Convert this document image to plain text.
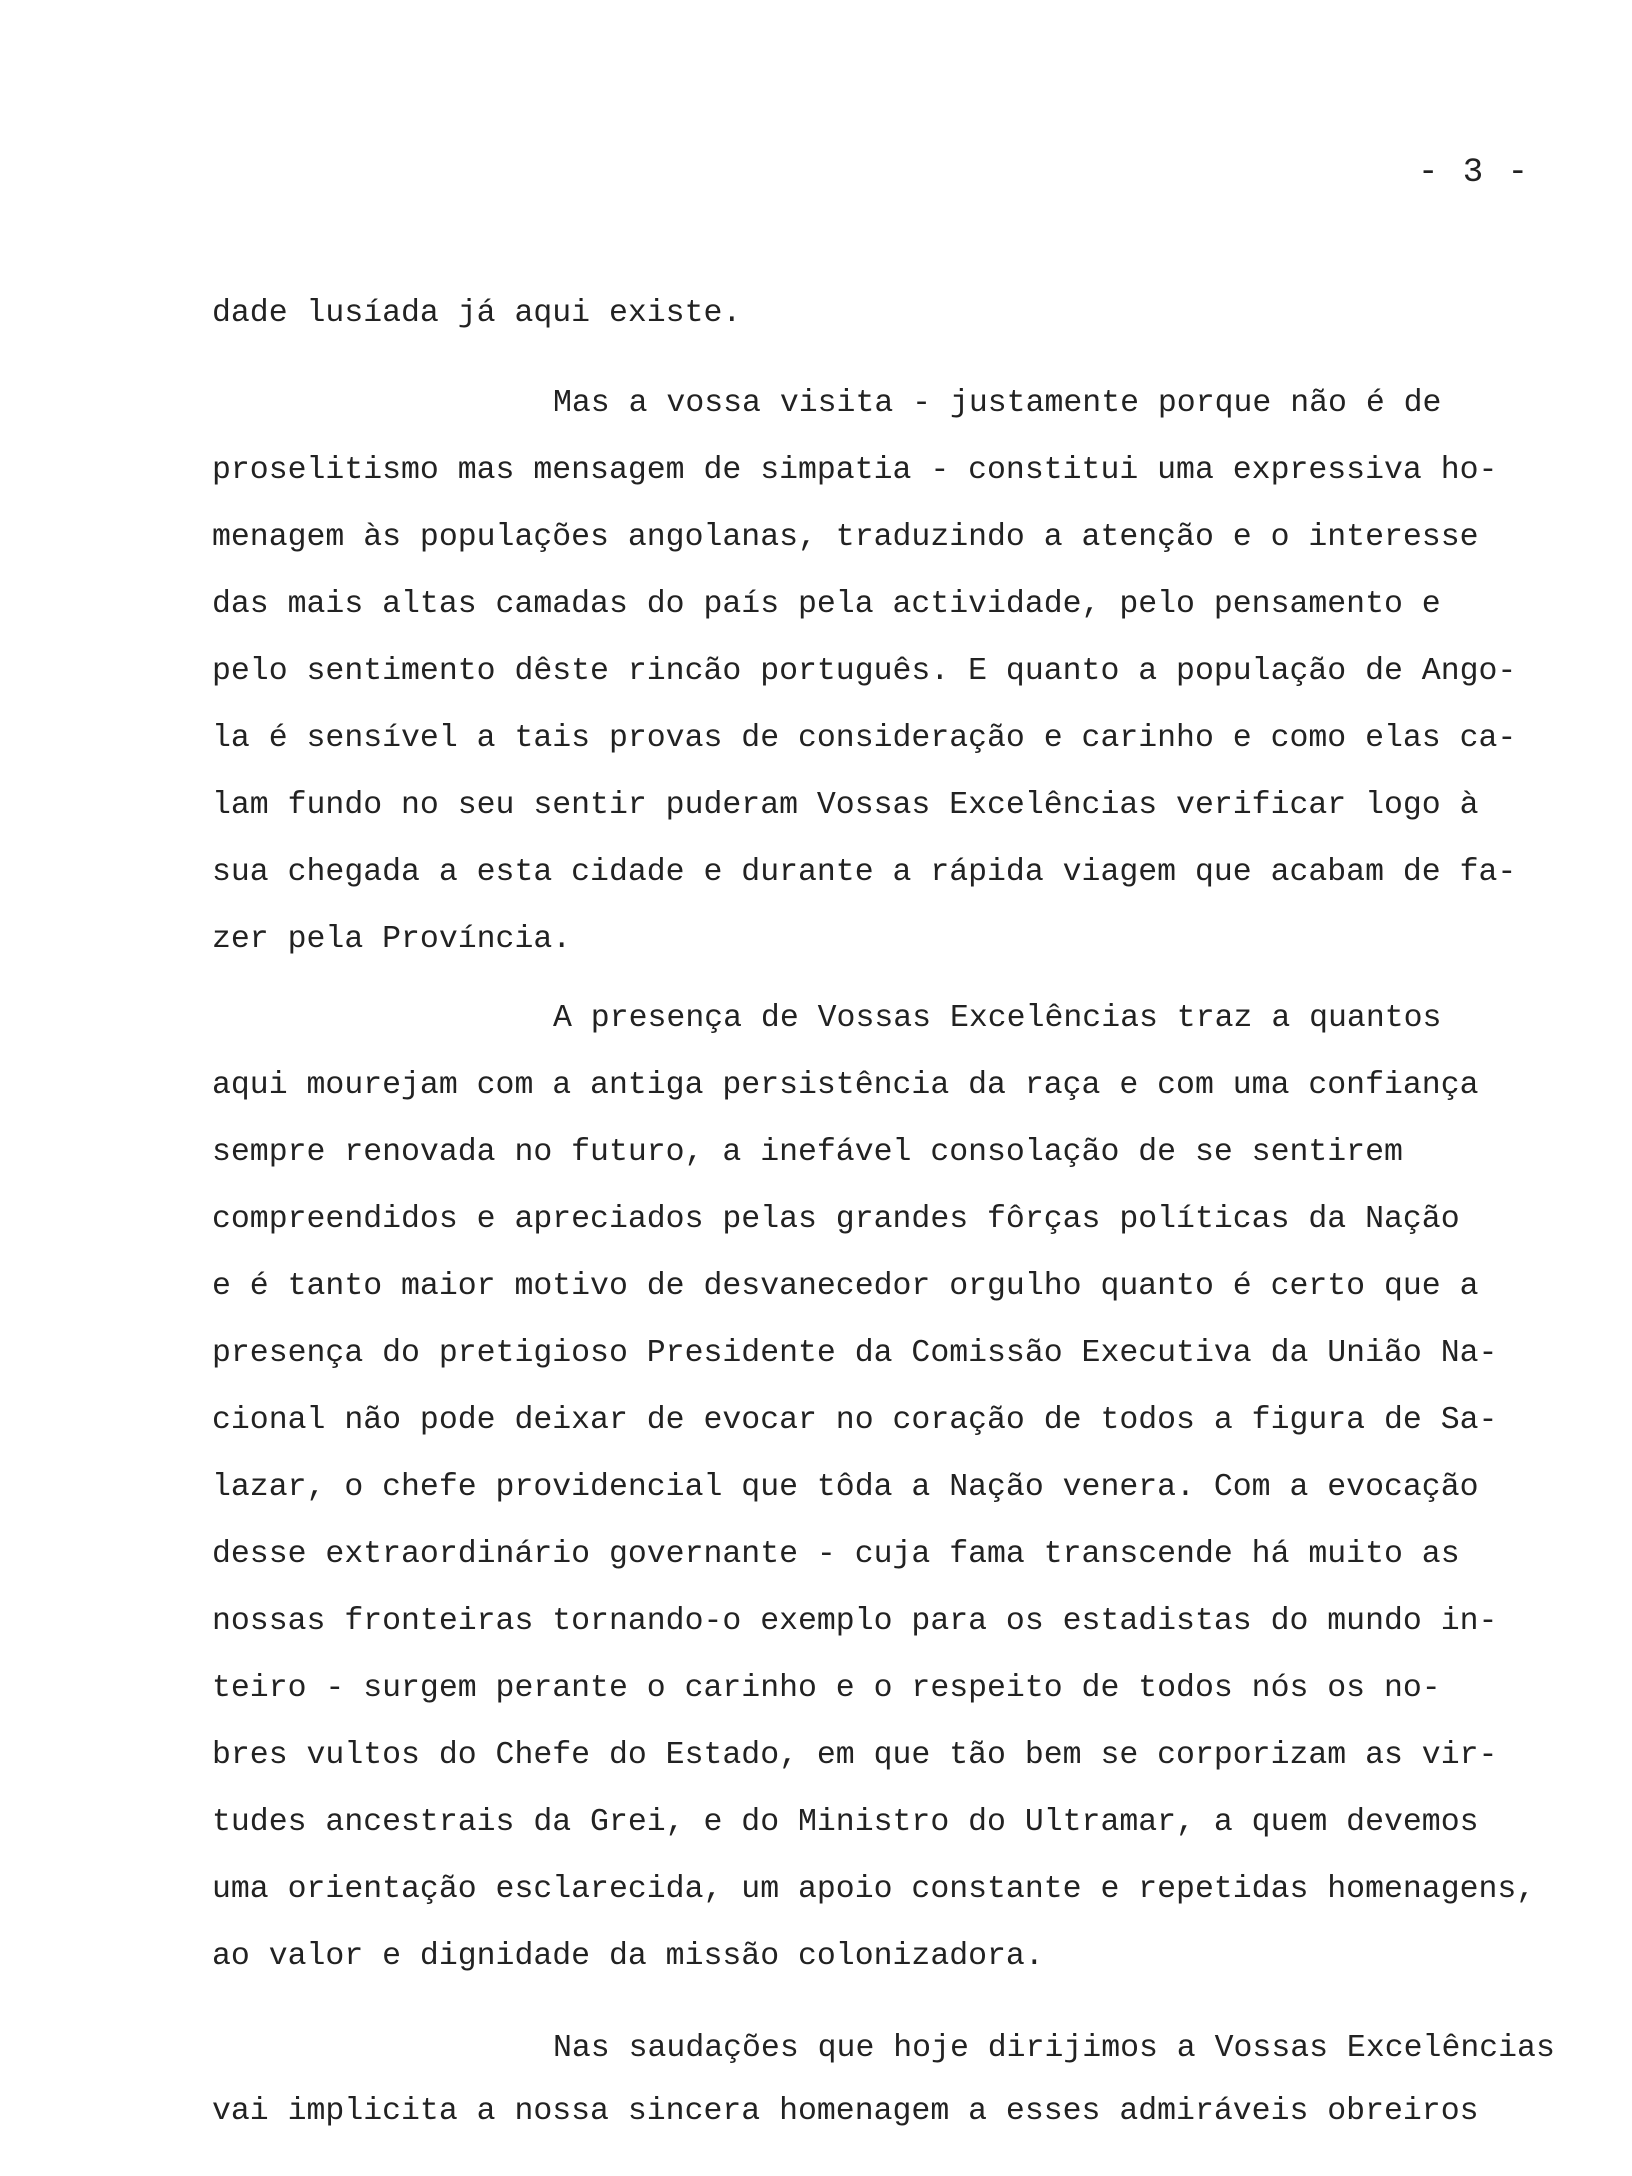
- 3 -
dade lusíada já aqui existe.
Mas a vossa visita - justamente porque não é de
proselitismo mas mensagem de simpatia - constitui uma expressiva ho-
menagem às populações angolanas, traduzindo a atenção e o interesse
das mais altas camadas do país pela actividade, pelo pensamento e
pelo sentimento dêste rincão português. E quanto a população de Ango-
la é sensível a tais provas de consideração e carinho e como elas ca-
lam fundo no seu sentir puderam Vossas Excelências verificar logo à
sua chegada a esta cidade e durante a rápida viagem que acabam de fa-
zer pela Província.
A presença de Vossas Excelências traz a quantos
aqui mourejam com a antiga persistência da raça e com uma confiança
sempre renovada no futuro, a inefável consolação de se sentirem
compreendidos e apreciados pelas grandes fôrças políticas da Nação
e é tanto maior motivo de desvanecedor orgulho quanto é certo que a
presença do pretigioso Presidente da Comissão Executiva da União Na-
cional não pode deixar de evocar no coração de todos a figura de Sa-
lazar, o chefe providencial que tôda a Nação venera. Com a evocação
desse extraordinário governante - cuja fama transcende há muito as
nossas fronteiras tornando-o exemplo para os estadistas do mundo in-
teiro - surgem perante o carinho e o respeito de todos nós os no-
bres vultos do Chefe do Estado, em que tão bem se corporizam as vir-
tudes ancestrais da Grei, e do Ministro do Ultramar, a quem devemos
uma orientação esclarecida, um apoio constante e repetidas homenagens,
ao valor e dignidade da missão colonizadora.
Nas saudações que hoje dirijimos a Vossas Excelências
vai implicita a nossa sincera homenagem a esses admiráveis obreiros
